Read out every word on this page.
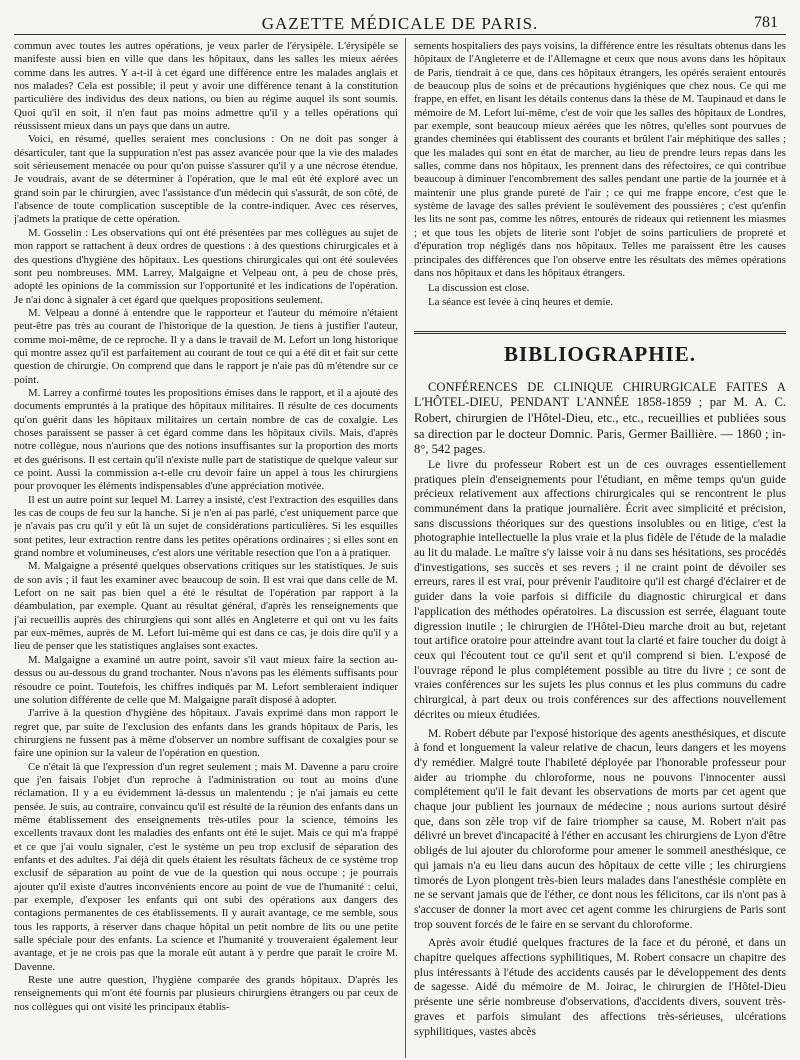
GAZETTE MÉDICALE DE PARIS.	781

commun avec toutes les autres opérations, je veux parler de l'érysipèle. L'érysipèle se manifeste aussi bien en ville que dans les hôpitaux, dans les salles les mieux aérées comme dans les autres. Y a-t-il à cet égard une différence entre les malades anglais et nos malades? Cela est possible; il peut y avoir une différence tenant à la constitution particulière des individus des deux nations, ou bien au régime auquel ils sont soumis. Quoi qu'il en soit, il n'en faut pas moins admettre qu'il y a telles opérations qui réussissent mieux dans un pays que dans un autre.

Voici, en résumé, quelles seraient mes conclusions : On ne doit pas songer à désarticuler, tant que la suppuration n'est pas assez avancée pour que la vie des malades soit sérieusement menacée ou pour qu'on puisse s'assurer qu'il y a une nécrose étendue. Je voudrais, avant de se déterminer à l'opération, que le mal eût été exploré avec un grand soin par le chirurgien, avec l'assistance d'un médecin qui s'assurât, de son côté, de l'absence de toute complication susceptible de la contre-indiquer. Avec ces réserves, j'admets la pratique de cette opération.

M. Gosselin : Les observations qui ont été présentées par mes collègues au sujet de mon rapport se rattachent à deux ordres de questions : à des questions chirurgicales et à des questions d'hygiène des hôpitaux. Les questions chirurgicales qui ont été soulevées sont peu nombreuses. MM. Larrey, Malgaigne et Velpeau ont, à peu de chose près, adopté les opinions de la commission sur l'opportunité et les indications de l'opération. Je n'ai donc à signaler à cet égard que quelques propositions seulement.

M. Velpeau a donné à entendre que le rapporteur et l'auteur du mémoire n'étaient peut-être pas très au courant de l'historique de la question. Je tiens à justifier l'auteur, comme moi-même, de ce reproche. Il y a dans le travail de M. Lefort un long historique qui montre assez qu'il est parfaitement au courant de tout ce qui a été dit et fait sur cette question de chirurgie. On comprend que dans le rapport je n'aie pas dû m'étendre sur ce point.

M. Larrey a confirmé toutes les propositions émises dans le rapport, et il a ajouté des documents empruntés à la pratique des hôpitaux militaires. Il résulte de ces documents qu'on guérit dans les hôpitaux militaires un certain nombre de cas de coxalgie. Les choses paraissent se passer à cet égard comme dans les hôpitaux civils. Mais, d'après notre collègue, nous n'aurions que des notions insuffisantes sur la proportion des morts et des guérisons. Il est certain qu'il n'existe nulle part de statistique de quelque valeur sur ce point. Aussi la commission a-t-elle cru devoir faire un appel à tous les chirurgiens pour provoquer les éléments indispensables d'une appréciation motivée.

Il est un autre point sur lequel M. Larrey a insisté, c'est l'extraction des esquilles dans les cas de coups de feu sur la hanche. Si je n'en ai pas parlé, c'est uniquement parce que je n'avais pas cru qu'il y eût là un sujet de considérations particulières. Si les esquilles sont petites, leur extraction rentre dans les petites opérations ordinaires ; si elles sont en grand nombre et volumineuses, c'est alors une véritable resection que l'on a à pratiquer.

M. Malgaigne a présenté quelques observations critiques sur les statistiques. Je suis de son avis ; il faut les examiner avec beaucoup de soin. Il est vrai que dans celle de M. Lefort on ne sait pas bien quel a été le résultat de l'opération par rapport à la déambulation, par exemple. Quant au résultat général, d'après les renseignements que j'ai recueillis auprès des chirurgiens qui sont allés en Angleterre et qui ont vu les faits par eux-mêmes, auprès de M. Lefort lui-même qui est dans ce cas, je dois dire qu'il y a lieu de penser que les statistiques anglaises sont exactes.

M. Malgaigne a examiné un autre point, savoir s'il vaut mieux faire la section au-dessus ou au-dessous du grand trochanter. Nous n'avons pas les éléments suffisants pour résoudre ce point. Toutefois, les chiffres indiqués par M. Lefort sembleraient indiquer une solution différente de celle que M. Malgaigne paraît disposé à adopter.

J'arrive à la question d'hygiène des hôpitaux. J'avais exprimé dans mon rapport le regret que, par suite de l'exclusion des enfants dans les grands hôpitaux de Paris, les chirurgiens ne fussent pas à même d'observer un nombre suffisant de coxalgies pour se faire une opinion sur la valeur de l'opération en question.

Ce n'était là que l'expression d'un regret seulement ; mais M. Davenne a paru croire que j'en faisais l'objet d'un reproche à l'administration ou tout au moins d'une réclamation. Il y a eu évidemment là-dessus un malentendu ; je n'ai jamais eu cette pensée. Je suis, au contraire, convaincu qu'il est résulté de la réunion des enfants dans un même établissement des enseignements très-utiles pour la science, témoins les excellents travaux dont les maladies des enfants ont été le sujet. Mais ce qui m'a frappé et ce que j'ai voulu signaler, c'est le système un peu trop exclusif de séparation des enfants et des adultes. J'ai déjà dit quels étaient les résultats fâcheux de ce système trop exclusif de séparation au point de vue de la question qui nous occupe ; je pourrais ajouter qu'il existe d'autres inconvénients encore au point de vue de l'humanité : celui, par exemple, d'exposer les enfants qui ont subi des opérations aux dangers des contagions permanentes de ces établissements. Il y aurait avantage, ce me semble, sous tous les rapports, à réserver dans chaque hôpital un petit nombre de lits ou une petite salle spéciale pour des enfants. La science et l'humanité y trouveraient également leur avantage, et je ne crois pas que la morale eût autant à y perdre que paraît le croire M. Davenne.

Reste une autre question, l'hygiène comparée des grands hôpitaux. D'après les renseignements qui m'ont été fournis par plusieurs chirurgiens étrangers ou par ceux de nos collègues qui ont visité les principaux établis-

sements hospitaliers des pays voisins, la différence entre les résultats obtenus dans les hôpitaux de l'Angleterre et de l'Allemagne et ceux que nous avons dans les hôpitaux de Paris, tiendrait à ce que, dans ces hôpitaux étrangers, les opérés seraient entourés de beaucoup plus de soins et de précautions hygiéniques que chez nous. Ce qui me frappe, en effet, en lisant les détails contenus dans la thèse de M. Taupinaud et dans le mémoire de M. Lefort lui-même, c'est de voir que les salles des hôpitaux de Londres, par exemple, sont beaucoup mieux aérées que les nôtres, qu'elles sont pourvues de grandes cheminées qui établissent des courants et brûlent l'air méphitique des salles ; que les malades qui sont en état de marcher, au lieu de prendre leurs repas dans les salles, comme dans nos hôpitaux, les prennent dans des réfectoires, ce qui contribue beaucoup à diminuer l'encombrement des salles pendant une partie de la journée et à maintenir une plus grande pureté de l'air ; ce qui me frappe encore, c'est que le système de lavage des salles prévient le soulèvement des poussières ; c'est qu'enfin les lits ne sont pas, comme les nôtres, entourés de rideaux qui retiennent les miasmes ; et que tous les objets de literie sont l'objet de soins particuliers de propreté et d'épuration trop négligés dans nos hôpitaux. Telles me paraissent être les causes principales des différences que l'on observe entre les résultats des mêmes opérations dans nos hôpitaux et dans les hôpitaux étrangers.

La discussion est close.

La séance est levée à cinq heures et demie.

BIBLIOGRAPHIE.

CONFÉRENCES DE CLINIQUE CHIRURGICALE FAITES A L'HÔTEL-DIEU, PENDANT L'ANNÉE 1858-1859 ; par M. A. C. Robert, chirurgien de l'Hôtel-Dieu, etc., etc., recueillies et publiées sous sa direction par le docteur Domnic. Paris, Germer Baillière. — 1860 ; in-8°, 542 pages.

Le livre du professeur Robert est un de ces ouvrages essentiellement pratiques plein d'enseignements pour l'étudiant, en même temps qu'un guide précieux relativement aux affections chirurgicales qui se rencontrent le plus communément dans la pratique journalière. Écrit avec simplicité et précision, sans discussions théoriques sur des questions insolubles ou en litige, c'est la photographie intellectuelle la plus vraie et la plus fidèle de l'étude de la maladie au lit du malade. Le maître s'y laisse voir à nu dans ses hésitations, ses procédés d'investigations, ses succès et ses revers ; il ne craint point de dévoiler ses erreurs, rares il est vrai, pour prévenir l'auditoire qu'il est chargé d'éclairer et de guider dans la voie parfois si difficile du diagnostic chirurgical et dans l'application des méthodes opératoires. La discussion est serrée, élaguant toute digression inutile ; le chirurgien de l'Hôtel-Dieu marche droit au but, rejetant tout artifice oratoire pour atteindre avant tout la clarté et faire toucher du doigt à ceux qui l'écoutent tout ce qu'il sent et qu'il comprend si bien. L'exposé de l'ouvrage répond le plus complétement possible au titre du livre ; ce sont de vraies conférences sur les sujets les plus connus et les plus communs du cadre chirurgical, à part deux ou trois conférences sur des affections nouvellement décrites ou mieux étudiées.

M. Robert débute par l'exposé historique des agents anesthésiques, et discute à fond et longuement la valeur relative de chacun, leurs dangers et les moyens d'y remédier. Malgré toute l'habileté déployée par l'honorable professeur pour aider au triomphe du chloroforme, nous ne pouvons l'innocenter aussi complétement qu'il le fait devant les observations de morts par cet agent que chaque jour publient les journaux de médecine ; nous aurions surtout désiré que, dans son zèle trop vif de faire triompher sa cause, M. Robert n'ait pas délivré un brevet d'incapacité à l'éther en accusant les chirurgiens de Lyon d'être obligés de lui ajouter du chloroforme pour amener le sommeil anesthésique, ce qui jamais n'a eu lieu dans aucun des hôpitaux de cette ville ; les chirurgiens timorés de Lyon plongent très-bien leurs malades dans l'anesthésie complète en ne se servant jamais que de l'éther, ce dont nous les félicitons, car ils n'ont pas à s'accuser de donner la mort avec cet agent comme les chirurgiens de Paris sont trop souvent forcés de le faire en se servant du chloroforme.

Après avoir étudié quelques fractures de la face et du péroné, et dans un chapitre quelques affections syphilitiques, M. Robert consacre un chapitre des plus intéressants à l'étude des accidents causés par le développement des dents de sagesse. Aidé du mémoire de M. Joirac, le chirurgien de l'Hôtel-Dieu présente une série nombreuse d'observations, d'accidents divers, souvent très-graves et parfois simulant des affections très-sérieuses, ulcérations syphilitiques, vastes abcès
